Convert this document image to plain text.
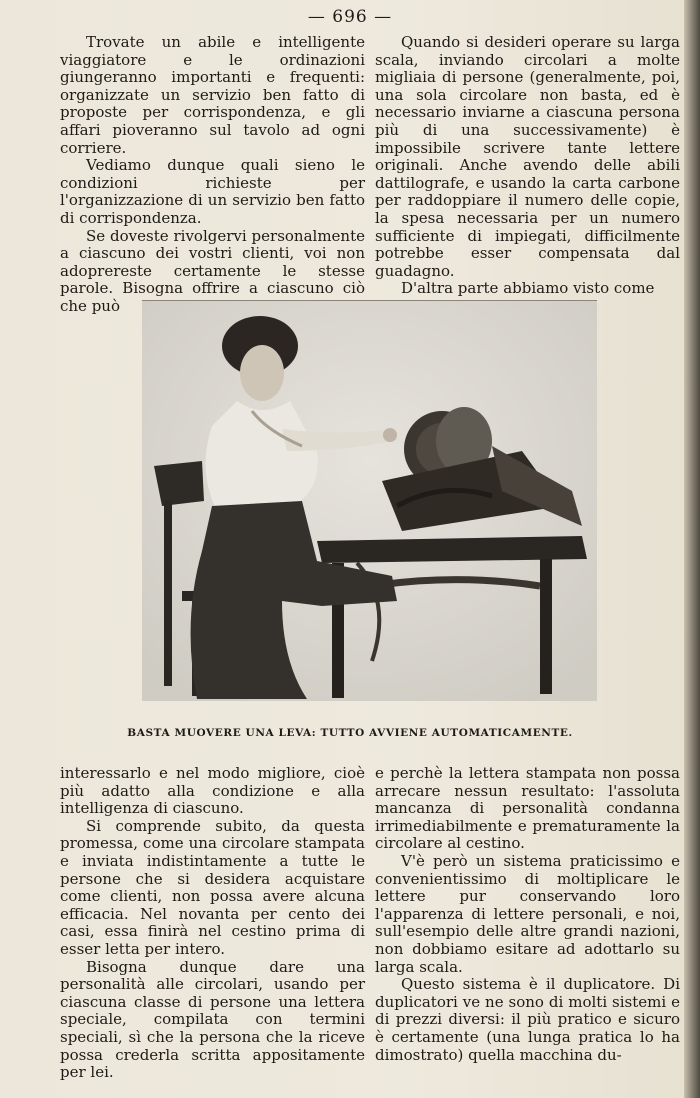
— 696 —

Trovate un abile e intelligente viaggiatore e le ordinazioni giungeranno importanti e frequenti: organizzate un servizio ben fatto di proposte per corrispondenza, e gli affari pioveranno sul tavolo ad ogni corriere.

Vediamo dunque quali sieno le condizioni richieste per l'organizzazione di un servizio ben fatto di corrispondenza.

Se doveste rivolgervi personalmente a ciascuno dei vostri clienti, voi non adoprereste certamente le stesse parole. Bisogna offrire a ciascuno ciò che può

Quando si desideri operare su larga scala, inviando circolari a molte migliaia di persone (generalmente, poi, una sola circolare non basta, ed è necessario inviarne a ciascuna persona più di una successivamente) è impossibile scrivere tante lettere originali. Anche avendo delle abili dattilografe, e usando la carta carbone per raddoppiare il numero delle copie, la spesa necessaria per un numero sufficiente di impiegati, difficilmente potrebbe esser compensata dal guadagno.

D'altra parte abbiamo visto come

BASTA MUOVERE UNA LEVA: TUTTO AVVIENE AUTOMATICAMENTE.

interessarlo e nel modo migliore, cioè più adatto alla condizione e alla intelligenza di ciascuno.

Si comprende subito, da questa promessa, come una circolare stampata e inviata indistintamente a tutte le persone che si desidera acquistare come clienti, non possa avere alcuna efficacia. Nel novanta per cento dei casi, essa finirà nel cestino prima di esser letta per intero.

Bisogna dunque dare una personalità alle circolari, usando per ciascuna classe di persone una lettera speciale, compilata con termini speciali, sì che la persona che la riceve possa crederla scritta appositamente per lei.

e perchè la lettera stampata non possa arrecare nessun resultato: l'assoluta mancanza di personalità condanna irrimediabilmente e prematuramente la circolare al cestino.

V'è però un sistema praticissimo e convenientissimo di moltiplicare le lettere pur conservando loro l'apparenza di lettere personali, e noi, sull'esempio delle altre grandi nazioni, non dobbiamo esitare ad adottarlo su larga scala.

Questo sistema è il duplicatore. Di duplicatori ve ne sono di molti sistemi e di prezzi diversi: il più pratico e sicuro è certamente (una lunga pratica lo ha dimostrato) quella macchina du-
